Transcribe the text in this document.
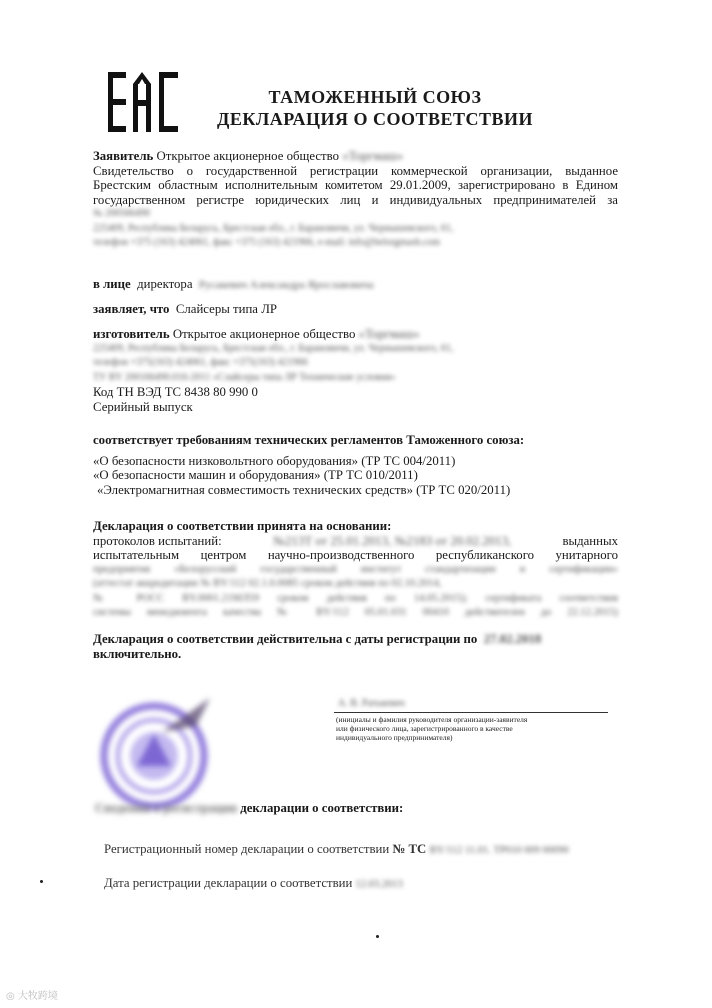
ТАМОЖЕННЫЙ СОЮЗ
ДЕКЛАРАЦИЯ О СООТВЕТСТВИИ
Заявитель Открытое акционерное общество «Торгмаш»
Свидетельство о государственной регистрации коммерческой организации, выданное
Брестским областным исполнительным комитетом 29.01.2009, зарегистрировано в Едином
государственном регистре юридических лиц и индивидуальных предпринимателей за
№ 200566490
225409, Республика Беларусь, Брестская обл., г. Барановичи, ул. Чернышевского, 61,
телефон +375 (163) 424061, факс +375 (163) 421966, e-mail: info@belorgmash.com
в лице директора Русакевич Александра Ярославовича
заявляет, что Слайсеры типа ЛР
изготовитель Открытое акционерное общество «Торгмаш»
225409, Республика Беларусь, Брестская обл., г. Барановичи, ул. Чернышевского, 61,
телефон +375(163) 424061, факс +375(163) 421966
ТУ BY 200166490.016-2011 «Слайсеры типа ЛР Технические условия»
Код ТН ВЭД ТС 8438 80 990 0
Серийный выпуск
соответствует требованиям технических регламентов Таможенного союза:
«О безопасности низковольтного оборудования» (ТР ТС 004/2011)
«О безопасности машин и оборудования» (ТР ТС 010/2011)
«Электромагнитная совместимость технических средств» (ТР ТС 020/2011)
Декларация о соответствии принята на основании:
протоколов испытаний:	№213Т от 25.01.2013, №218З от 20.02.2013,	выданных
испытательным центром научно-производственного республиканского унитарного
предприятия «Белорусский государственный институт стандартизации и сертификации»
(аттестат аккредитации № BY/112 02.1.0.0085 сроком действия по 02.10.2014,
№ РОСС BY.0001.21МЛ59 сроком действия по 14.05.2015); сертификата соответствия
системы менеджмента качества № BY/112 05.01.031 00410 действителен до 22.12.2015)
Декларация о соответствии действительна с даты регистрации по 27.02.2018
включительно.
А. В. Ратькевич
(инициалы и фамилия руководителя организации-заявителя
или физического лица, зарегистрированного в качестве
индивидуального предпринимателя)
Сведения о регистрации декларации о соответствии:
Регистрационный номер декларации о соответствии № ТС BY/112 11.01. ТР010 009 00090
Дата регистрации декларации о соответствии 12.03.2013
◎ 大牧跨境
